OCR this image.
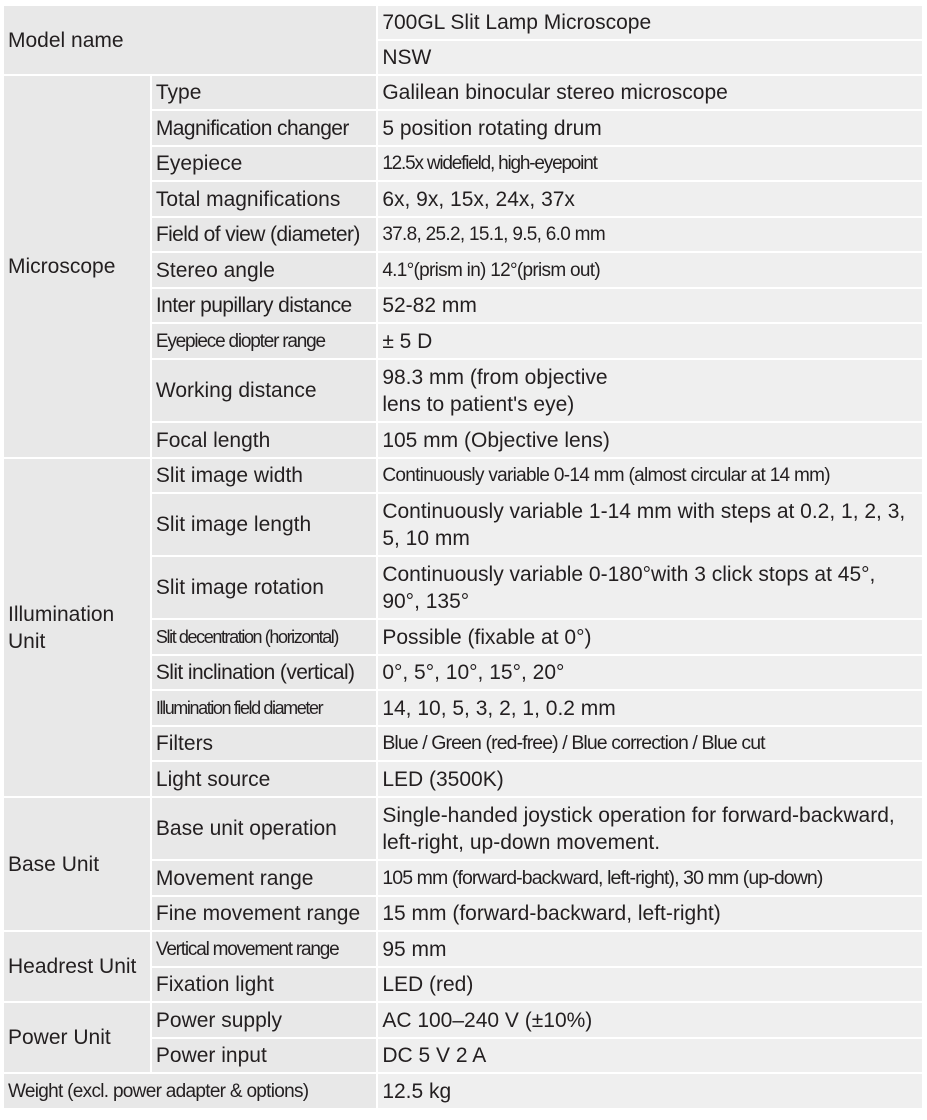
Model name		700GL Slit Lamp Microscope
		NSW
Microscope	Type	Galilean binocular stereo microscope
	Magnification changer	5 position rotating drum
	Eyepiece	12.5x widefield, high-eyepoint
	Total magnifications	6x, 9x, 15x, 24x, 37x
	Field of view (diameter)	37.8, 25.2, 15.1, 9.5, 6.0 mm
	Stereo angle	4.1°(prism in) 12°(prism out)
	Inter pupillary distance	52-82 mm
	Eyepiece diopter range	± 5 D
	Working distance	98.3 mm (from objective lens to patient's eye)
	Focal length	105 mm (Objective lens)
Illumination Unit	Slit image width	Continuously variable 0-14 mm (almost circular at 14 mm)
	Slit image length	Continuously variable 1-14 mm with steps at 0.2, 1, 2, 3, 5, 10 mm
	Slit image rotation	Continuously variable 0-180°with 3 click stops at 45°, 90°, 135°
	Slit decentration (horizontal)	Possible (fixable at 0°)
	Slit inclination (vertical)	0°, 5°, 10°, 15°, 20°
	Illumination field diameter	14, 10, 5, 3, 2, 1, 0.2 mm
	Filters	Blue / Green (red-free) / Blue correction / Blue cut
	Light source	LED (3500K)
Base Unit	Base unit operation	Single-handed joystick operation for forward-backward, left-right, up-down movement.
	Movement range	105 mm (forward-backward, left-right), 30 mm (up-down)
	Fine movement range	15 mm (forward-backward, left-right)
Headrest Unit	Vertical movement range	95 mm
	Fixation light	LED (red)
Power Unit	Power supply	AC 100–240 V (±10%)
	Power input	DC 5 V 2 A
Weight (excl. power adapter & options)		12.5 kg
